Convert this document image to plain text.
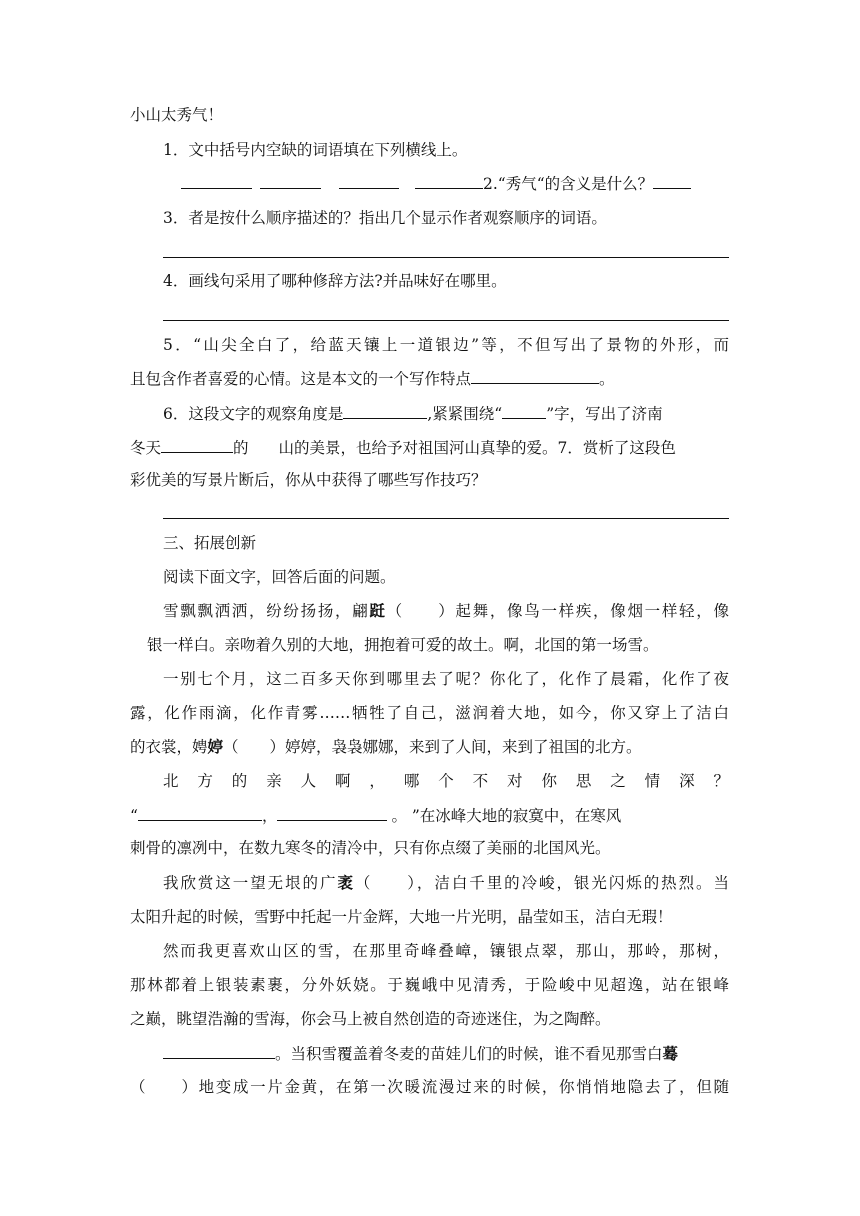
小山太秀气！
1．文中括号内空缺的词语填在下列横线上。
2.“秀气“的含义是什么？
3．者是按什么顺序描述的？指出几个显示作者观察顺序的词语。
4．画线句采用了哪种修辞方法?并品味好在哪里。
5．“山尖全白了，给蓝天镶上一道银边”等，不但写出了景物的外形，而
且包含作者喜爱的心情。这是本文的一个写作特点	。
6．这段文字的观察角度是	,紧紧围绕“	”字，写出了济南
冬天	的 山的美景，也给予对祖国河山真挚的爱。7．赏析了这段色
彩优美的写景片断后，你从中获得了哪些写作技巧？
三、拓展创新
阅读下面文字，回答后面的问题。
雪飘飘洒洒，纷纷扬扬，翩跹（　　）起舞，像鸟一样疾，像烟一样轻，像
银一样白。亲吻着久别的大地，拥抱着可爱的故土。啊，北国的第一场雪。
一别七个月，这二百多天你到哪里去了呢？你化了，化作了晨霜，化作了夜
露，化作雨滴，化作青雾……牺牲了自己，滋润着大地，如今，你又穿上了洁白
的衣裳，娉婷（　　）婷婷，袅袅娜娜，来到了人间，来到了祖国的北方。
北 方 的 亲 人 啊 ， 哪 个 不 对 你 思 之 情 深 ？
“	，	。 ”在冰峰大地的寂寞中，在寒风
刺骨的凛冽中，在数九寒冬的清冷中，只有你点缀了美丽的北国风光。
我欣赏这一望无垠的广袤（　　），洁白千里的冷峻，银光闪烁的热烈。当
太阳升起的时候，雪野中托起一片金辉，大地一片光明，晶莹如玉，洁白无瑕！
然而我更喜欢山区的雪，在那里奇峰叠嶂，镶银点翠，那山，那岭，那树，
那林都着上银装素裹，分外妖娆。于巍峨中见清秀，于险峻中见超逸，站在银峰
之巅，眺望浩瀚的雪海，你会马上被自然创造的奇迹迷住，为之陶醉。
。当积雪覆盖着冬麦的苗娃儿们的时候，谁不看见那雪白蓦
（　　）地变成一片金黄，在第一次暖流漫过来的时候，你悄悄地隐去了，但随
